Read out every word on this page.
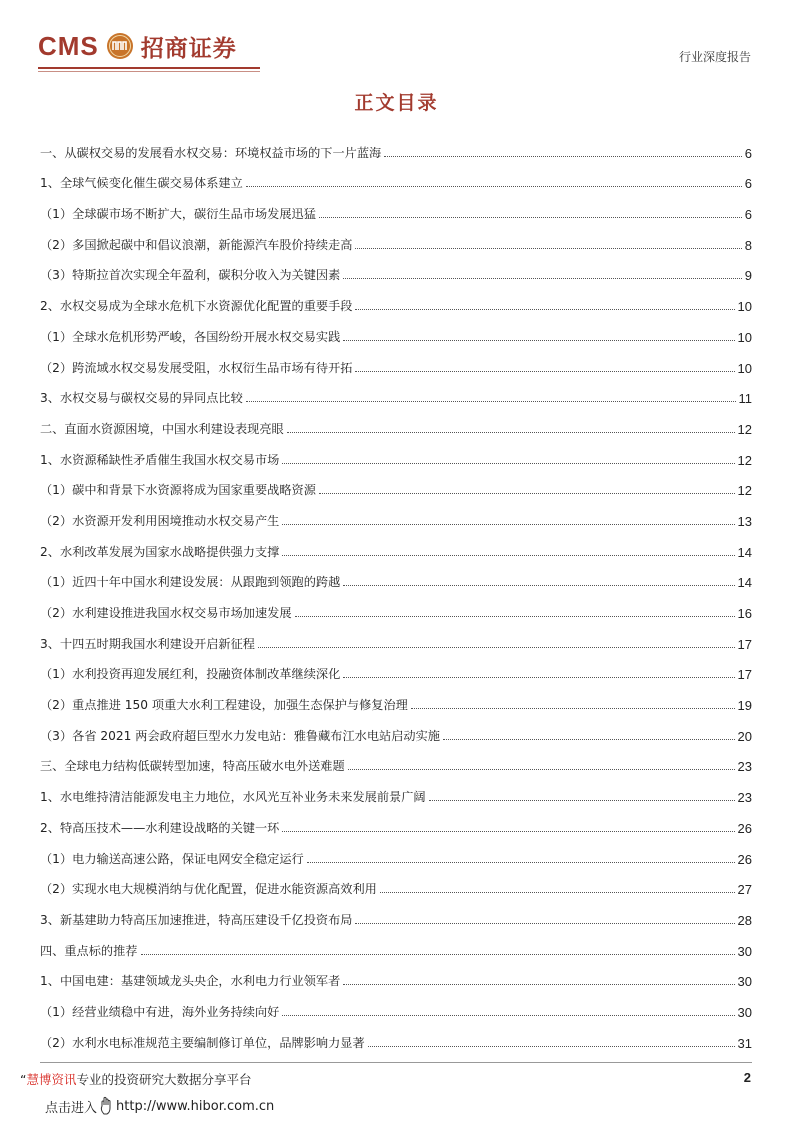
CMS 招商证券	行业深度报告
正文目录
一、从碳权交易的发展看水权交易：环境权益市场的下一片蓝海	6
1、全球气候变化催生碳交易体系建立	6
（1）全球碳市场不断扩大，碳衍生品市场发展迅猛	6
（2）多国掀起碳中和倡议浪潮，新能源汽车股价持续走高	8
（3）特斯拉首次实现全年盈利，碳积分收入为关键因素	9
2、水权交易成为全球水危机下水资源优化配置的重要手段	10
（1）全球水危机形势严峻，各国纷纷开展水权交易实践	10
（2）跨流域水权交易发展受阻，水权衍生品市场有待开拓	10
3、水权交易与碳权交易的异同点比较	11
二、直面水资源困境，中国水利建设表现亮眼	12
1、水资源稀缺性矛盾催生我国水权交易市场	12
（1）碳中和背景下水资源将成为国家重要战略资源	12
（2）水资源开发利用困境推动水权交易产生	13
2、水利改革发展为国家水战略提供强力支撑	14
（1）近四十年中国水利建设发展：从跟跑到领跑的跨越	14
（2）水利建设推进我国水权交易市场加速发展	16
3、十四五时期我国水利建设开启新征程	17
（1）水利投资再迎发展红利，投融资体制改革继续深化	17
（2）重点推进 150 项重大水利工程建设，加强生态保护与修复治理	19
（3）各省 2021 两会政府超巨型水力发电站：雅鲁藏布江水电站启动实施	20
三、全球电力结构低碳转型加速，特高压破水电外送难题	23
1、水电维持清洁能源发电主力地位，水风光互补业务未来发展前景广阔	23
2、特高压技术——水利建设战略的关键一环	26
（1）电力输送高速公路，保证电网安全稳定运行	26
（2）实现水电大规模消纳与优化配置，促进水能资源高效利用	27
3、新基建助力特高压加速推进，特高压建设千亿投资布局	28
四、重点标的推荐	30
1、中国电建：基建领域龙头央企，水利电力行业领军者	30
（1）经营业绩稳中有进，海外业务持续向好	30
（2）水利水电标准规范主要编制修订单位，品牌影响力显著	31
“慧博资讯专业的投资研究大数据分享平台	2
点击进入 http://www.hibor.com.cn
